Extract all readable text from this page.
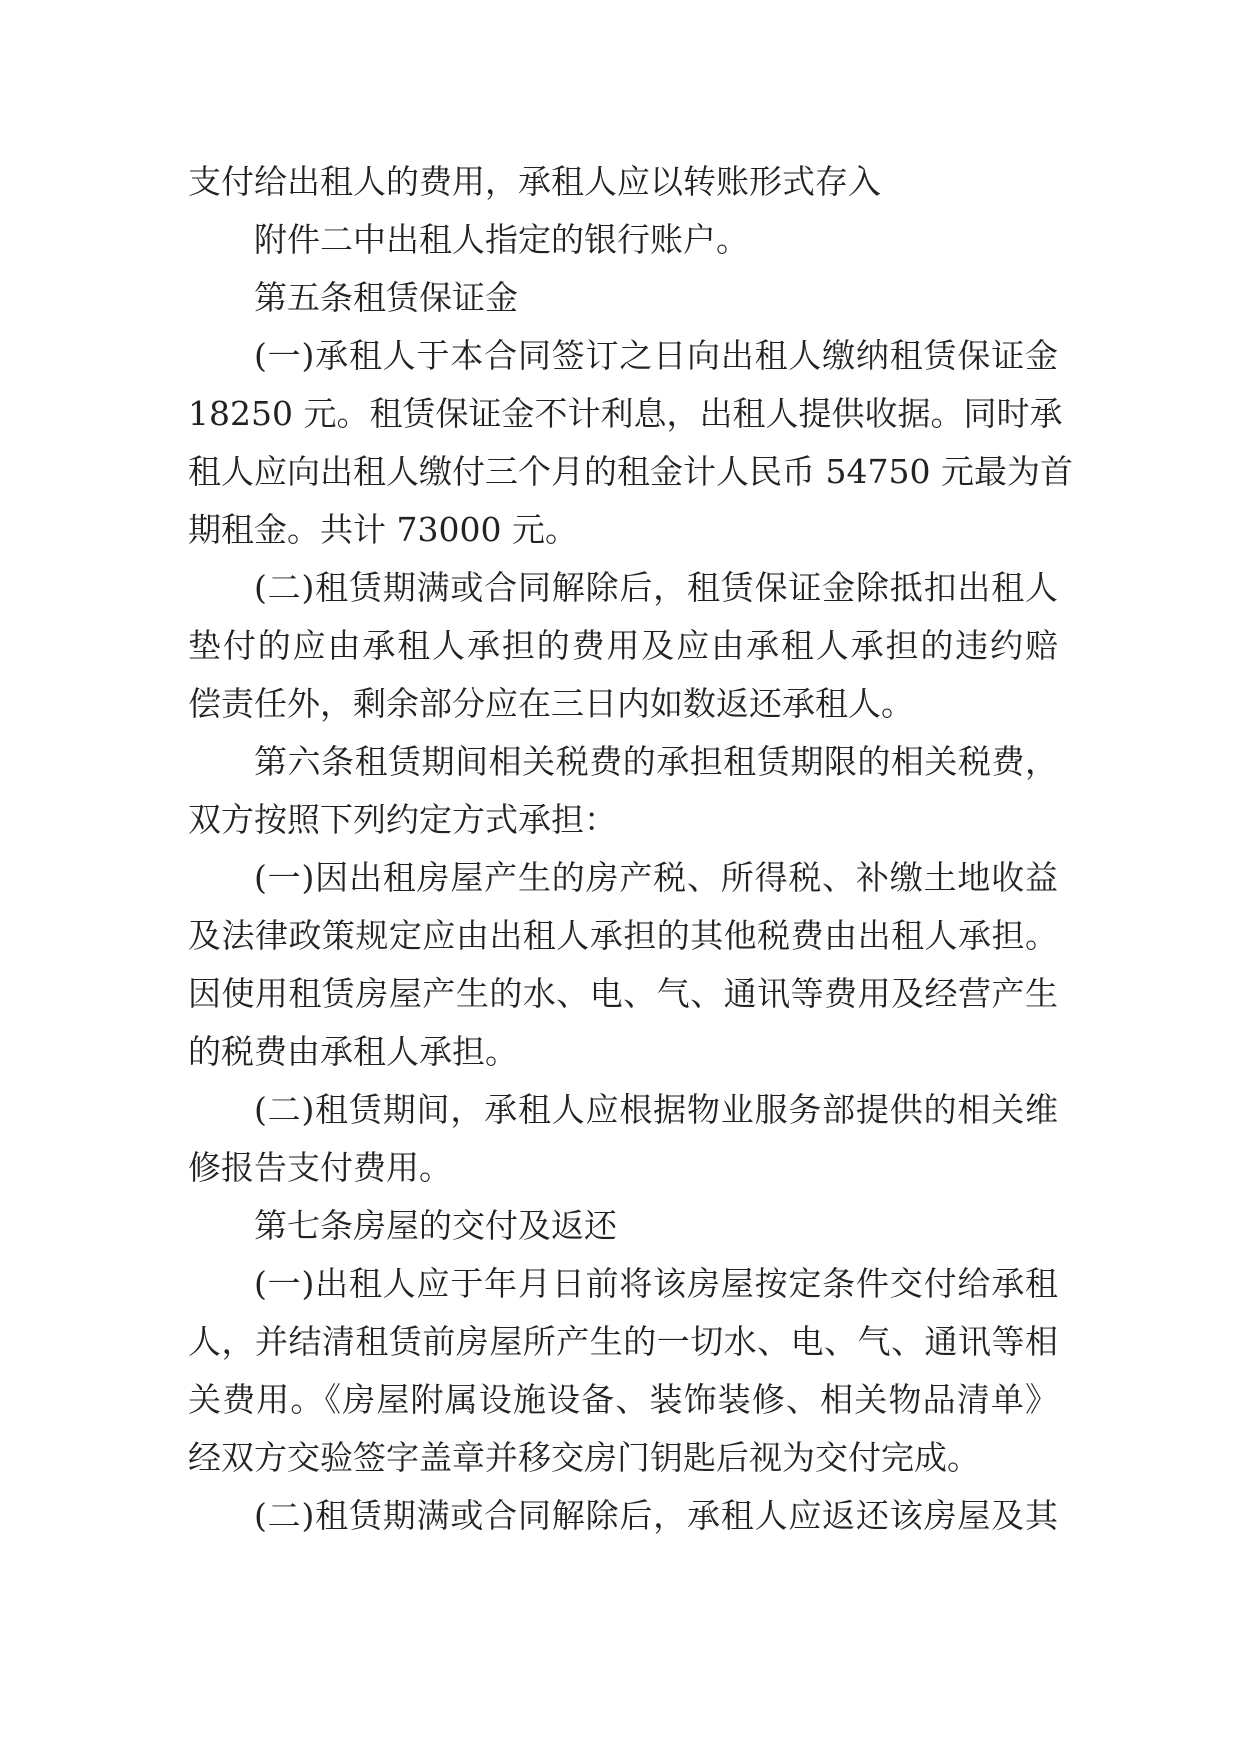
支付给出租人的费用，承租人应以转账形式存入
附件二中出租人指定的银行账户。
第五条租赁保证金
(一)承租人于本合同签订之日向出租人缴纳租赁保证金
18250 元。租赁保证金不计利息，出租人提供收据。同时承
租人应向出租人缴付三个月的租金计人民币 54750 元最为首
期租金。共计 73000 元。
(二)租赁期满或合同解除后，租赁保证金除抵扣出租人
垫付的应由承租人承担的费用及应由承租人承担的违约赔
偿责任外，剩余部分应在三日内如数返还承租人。
第六条租赁期间相关税费的承担租赁期限的相关税费，
双方按照下列约定方式承担：
(一)因出租房屋产生的房产税、所得税、补缴土地收益
及法律政策规定应由出租人承担的其他税费由出租人承担。
因使用租赁房屋产生的水、电、气、通讯等费用及经营产生
的税费由承租人承担。
(二)租赁期间，承租人应根据物业服务部提供的相关维
修报告支付费用。
第七条房屋的交付及返还
(一)出租人应于年月日前将该房屋按定条件交付给承租
人，并结清租赁前房屋所产生的一切水、电、气、通讯等相
关费用。《房屋附属设施设备、装饰装修、相关物品清单》
经双方交验签字盖章并移交房门钥匙后视为交付完成。
(二)租赁期满或合同解除后，承租人应返还该房屋及其
